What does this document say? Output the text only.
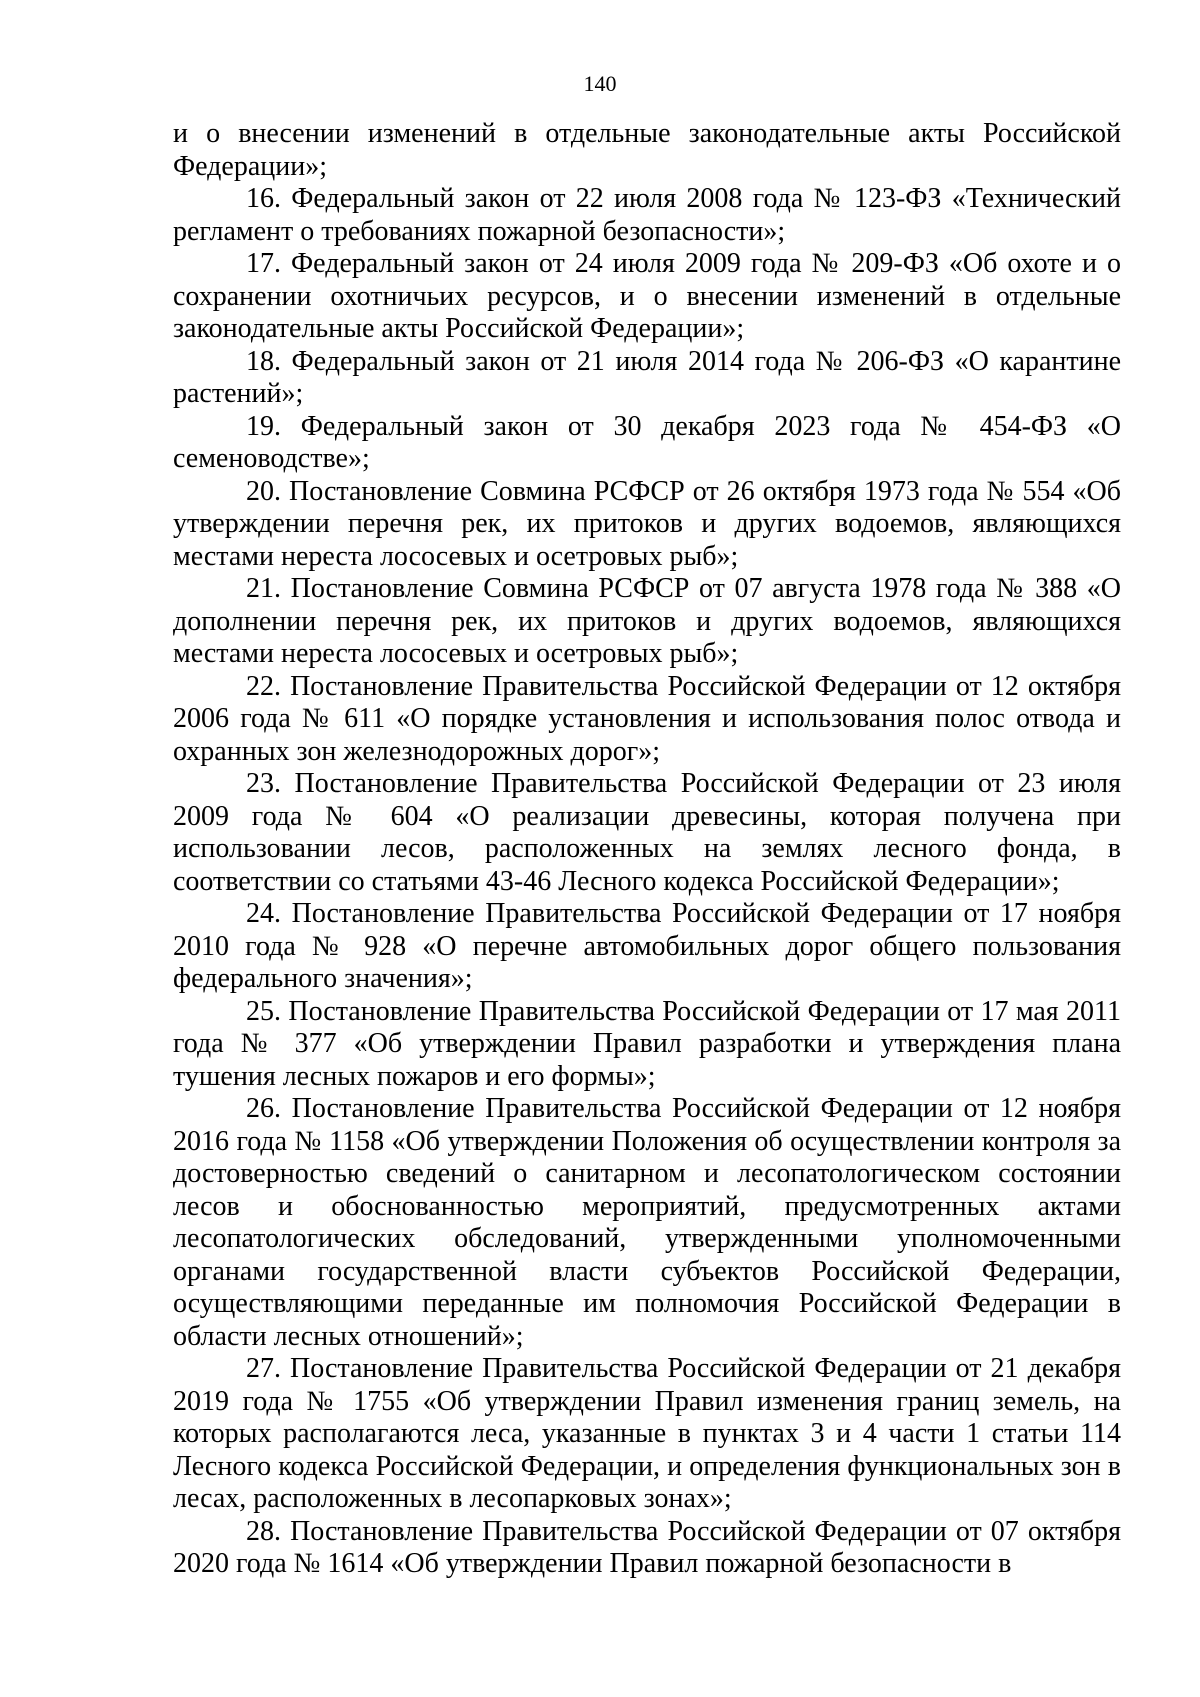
140

и о внесении изменений в отдельные законодательные акты Российской Федерации»;

16. Федеральный закон от 22 июля 2008 года № 123-ФЗ «Технический регламент о требованиях пожарной безопасности»;

17. Федеральный закон от 24 июля 2009 года № 209-ФЗ «Об охоте и о сохранении охотничьих ресурсов, и о внесении изменений в отдельные законодательные акты Российской Федерации»;

18. Федеральный закон от 21 июля 2014 года № 206-ФЗ «О карантине растений»;

19. Федеральный закон от 30 декабря 2023 года № 454-ФЗ «О семеноводстве»;

20. Постановление Совмина РСФСР от 26 октября 1973 года № 554 «Об утверждении перечня рек, их притоков и других водоемов, являющихся местами нереста лососевых и осетровых рыб»;

21. Постановление Совмина РСФСР от 07 августа 1978 года № 388 «О дополнении перечня рек, их притоков и других водоемов, являющихся местами нереста лососевых и осетровых рыб»;

22. Постановление Правительства Российской Федерации от 12 октября 2006 года № 611 «О порядке установления и использования полос отвода и охранных зон железнодорожных дорог»;

23. Постановление Правительства Российской Федерации от 23 июля 2009 года № 604 «О реализации древесины, которая получена при использовании лесов, расположенных на землях лесного фонда, в соответствии со статьями 43-46 Лесного кодекса Российской Федерации»;

24. Постановление Правительства Российской Федерации от 17 ноября 2010 года № 928 «О перечне автомобильных дорог общего пользования федерального значения»;

25. Постановление Правительства Российской Федерации от 17 мая 2011 года № 377 «Об утверждении Правил разработки и утверждения плана тушения лесных пожаров и его формы»;

26. Постановление Правительства Российской Федерации от 12 ноября 2016 года № 1158 «Об утверждении Положения об осуществлении контроля за достоверностью сведений о санитарном и лесопатологическом состоянии лесов и обоснованностью мероприятий, предусмотренных актами лесопатологических обследований, утвержденными уполномоченными органами государственной власти субъектов Российской Федерации, осуществляющими переданные им полномочия Российской Федерации в области лесных отношений»;

27. Постановление Правительства Российской Федерации от 21 декабря 2019 года № 1755 «Об утверждении Правил изменения границ земель, на которых располагаются леса, указанные в пунктах 3 и 4 части 1 статьи 114 Лесного кодекса Российской Федерации, и определения функциональных зон в лесах, расположенных в лесопарковых зонах»;

28. Постановление Правительства Российской Федерации от 07 октября 2020 года № 1614 «Об утверждении Правил пожарной безопасности в
